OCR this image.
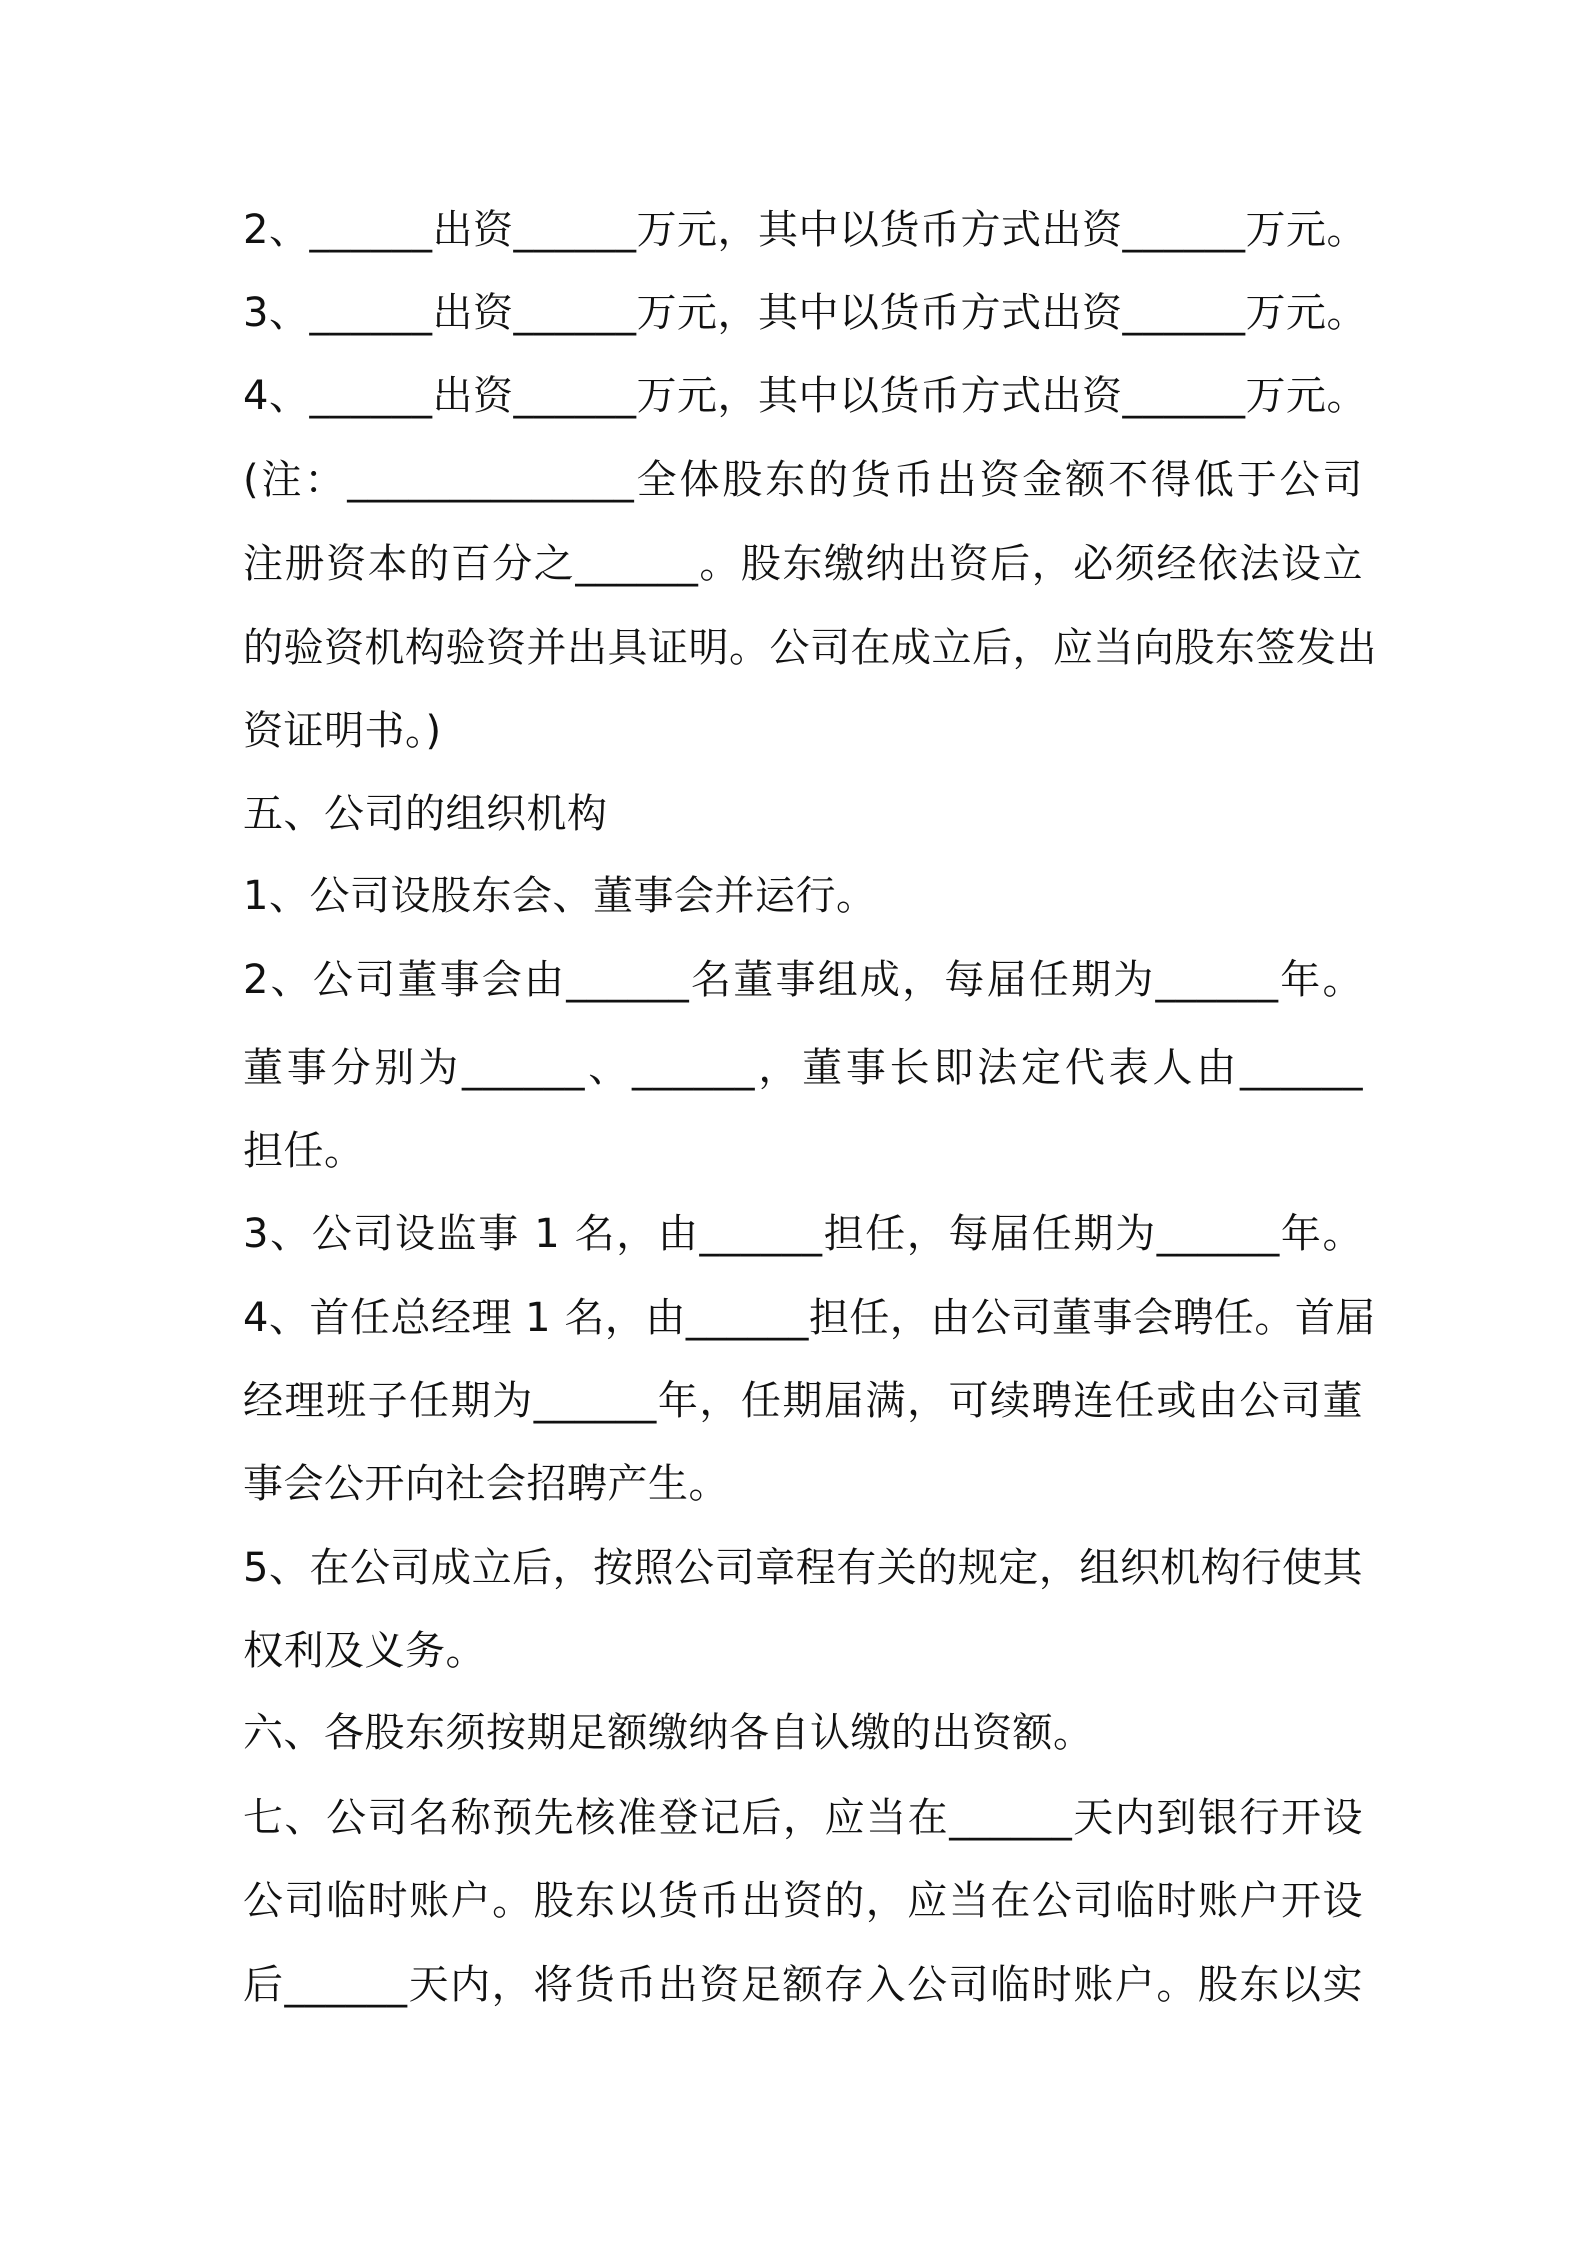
2、______出资______万元，其中以货币方式出资______万元。
3、______出资______万元，其中以货币方式出资______万元。
4、______出资______万元，其中以货币方式出资______万元。
(注：______________全体股东的货币出资金额不得低于公司
注册资本的百分之______。股东缴纳出资后，必须经依法设立
的验资机构验资并出具证明。公司在成立后，应当向股东签发出
资证明书。)
五、公司的组织机构
1、公司设股东会、董事会并运行。
2、公司董事会由______名董事组成，每届任期为______年。
董事分别为______、______，董事长即法定代表人由______
担任。
3、公司设监事 1 名，由______担任，每届任期为______年。
4、首任总经理 1 名，由______担任，由公司董事会聘任。首届
经理班子任期为______年，任期届满，可续聘连任或由公司董
事会公开向社会招聘产生。
5、在公司成立后，按照公司章程有关的规定，组织机构行使其
权利及义务。
六、各股东须按期足额缴纳各自认缴的出资额。
七、公司名称预先核准登记后，应当在______天内到银行开设
公司临时账户。股东以货币出资的，应当在公司临时账户开设
后______天内，将货币出资足额存入公司临时账户。股东以实
